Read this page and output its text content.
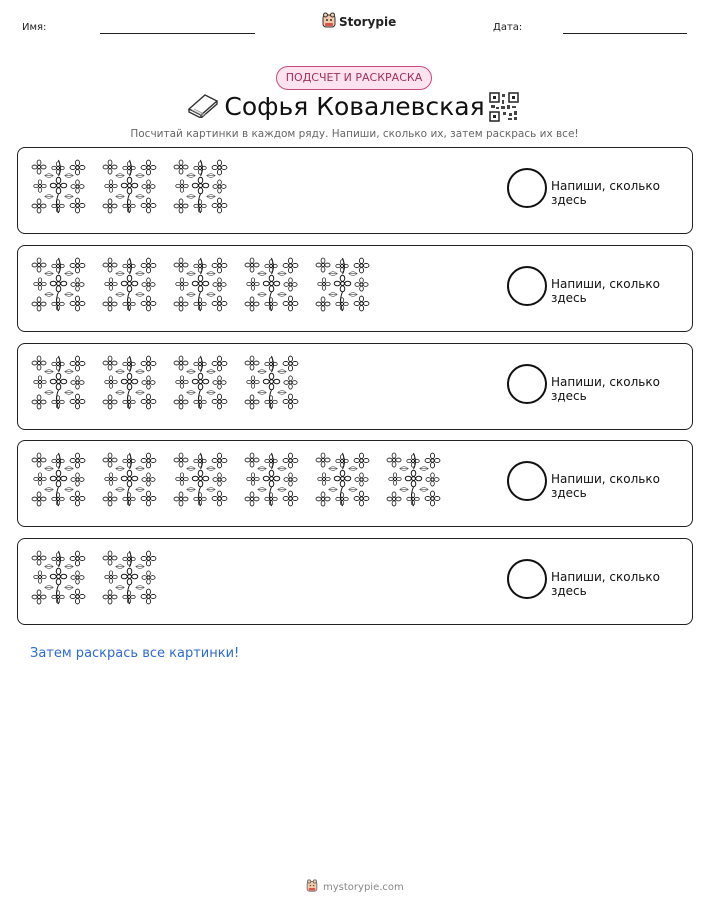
Имя:	Storypie	Дата:
ПОДСЧЕТ И РАСКРАСКА
Софья Ковалевская
Посчитай картинки в каждом ряду. Напиши, сколько их, затем раскрась их все!
Напиши, сколько здесь
Напиши, сколько здесь
Напиши, сколько здесь
Напиши, сколько здесь
Напиши, сколько здесь
Затем раскрась все картинки!
mystorypie.com
